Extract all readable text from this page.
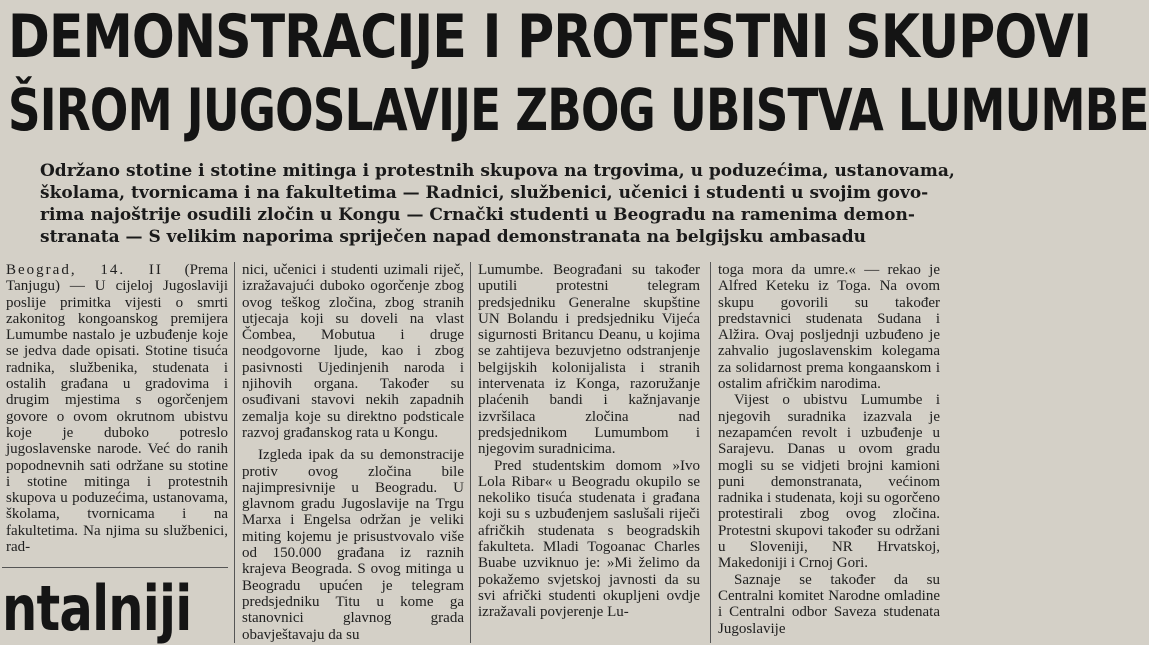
DEMONSTRACIJE I PROTESTNI SKUPOVI
ŠIROM JUGOSLAVIJE ZBOG UBISTVA LUMUMBE
Održano stotine i stotine mitinga i protestnih skupova na trgovima, u poduzećima, ustanovama,
školama, tvornicama i na fakultetima — Radnici, službenici, učenici i studenti u svojim govo-
rima najoštrije osudili zločin u Kongu — Crnački studenti u Beogradu na ramenima demon-
stranata — S velikim naporima spriječen napad demonstranata na belgijsku ambasadu

Beograd, 14. II (Prema Tanjugu) — U cijeloj Jugoslaviji poslije primitka vijesti o smrti zakonitog kongoanskog premijera Lumumbe nastalo je uzbuđenje koje se jedva dade opisati. Stotine tisuća radnika, službenika, studenata i ostalih građana u gradovima i drugim mjestima s ogorčenjem govore o ovom okrutnom ubistvu koje je duboko potreslo jugoslavenske narode. Već do ranih popodnevnih sati održane su stotine i stotine mitinga i protestnih skupova u poduzećima, ustanovama, školama, tvornicama i na fakultetima. Na njima su službenici, rad-

nici, učenici i studenti uzimali riječ, izražavajući duboko ogorčenje zbog ovog teškog zločina, zbog stranih utjecaja koji su doveli na vlast Čombea, Mobutua i druge neodgovorne ljude, kao i zbog pasivnosti Ujedinjenih naroda i njihovih organa. Također su osuđivani stavovi nekih zapadnih zemalja koje su direktno podsticale razvoj građanskog rata u Kongu.

Izgleda ipak da su demonstracije protiv ovog zločina bile najimpresivnije u Beogradu. U glavnom gradu Jugoslavije na Trgu Marxa i Engelsa održan je veliki miting kojemu je prisustvovalo više od 150.000 građana iz raznih krajeva Beograda. S ovog mitinga u Beogradu upućen je telegram predsjedniku Titu u kome ga stanovnici glavnog grada obavještavaju da su

Lumumbe. Beograđani su također uputili protestni telegram predsjedniku Generalne skupštine UN Bolandu i predsjedniku Vijeća sigurnosti Britancu Deanu, u kojima se zahtijeva bezuvjetno odstranjenje belgijskih kolonijalista i stranih intervenata iz Konga, razoružanje plaćenih bandi i kažnjavanje izvršilaca zločina nad predsjednikom Lumumbom i njegovim suradnicima.

Pred studentskim domom »Ivo Lola Ribar« u Beogradu okupilo se nekoliko tisuća studenata i građana koji su s uzbuđenjem saslušali riječi afričkih studenata s beogradskih fakulteta. Mladi Togoanac Charles Buabe uzviknuo je: »Mi želimo da pokažemo svjetskoj javnosti da su svi afrički studenti okupljeni ovdje izražavali povjerenje Lu-

toga mora da umre.« — rekao je Alfred Keteku iz Toga. Na ovom skupu govorili su također predstavnici studenata Sudana i Alžira. Ovaj posljednji uzbuđeno je zahvalio jugoslavenskim kolegama za solidarnost prema kongaanskom i ostalim afričkim narodima.

Vijest o ubistvu Lumumbe i njegovih suradnika izazvala je nezapamćen revolt i uzbuđenje u Sarajevu. Danas u ovom gradu mogli su se vidjeti brojni kamioni puni demonstranata, većinom radnika i studenata, koji su ogorčeno protestirali zbog ovog zločina. Protestni skupovi također su održani u Sloveniji, NR Hrvatskoj, Makedoniji i Crnoj Gori.

Saznaje se također da su Centralni komitet Narodne omladine i Centralni odbor Saveza studenata Jugoslavije

ntalniji
